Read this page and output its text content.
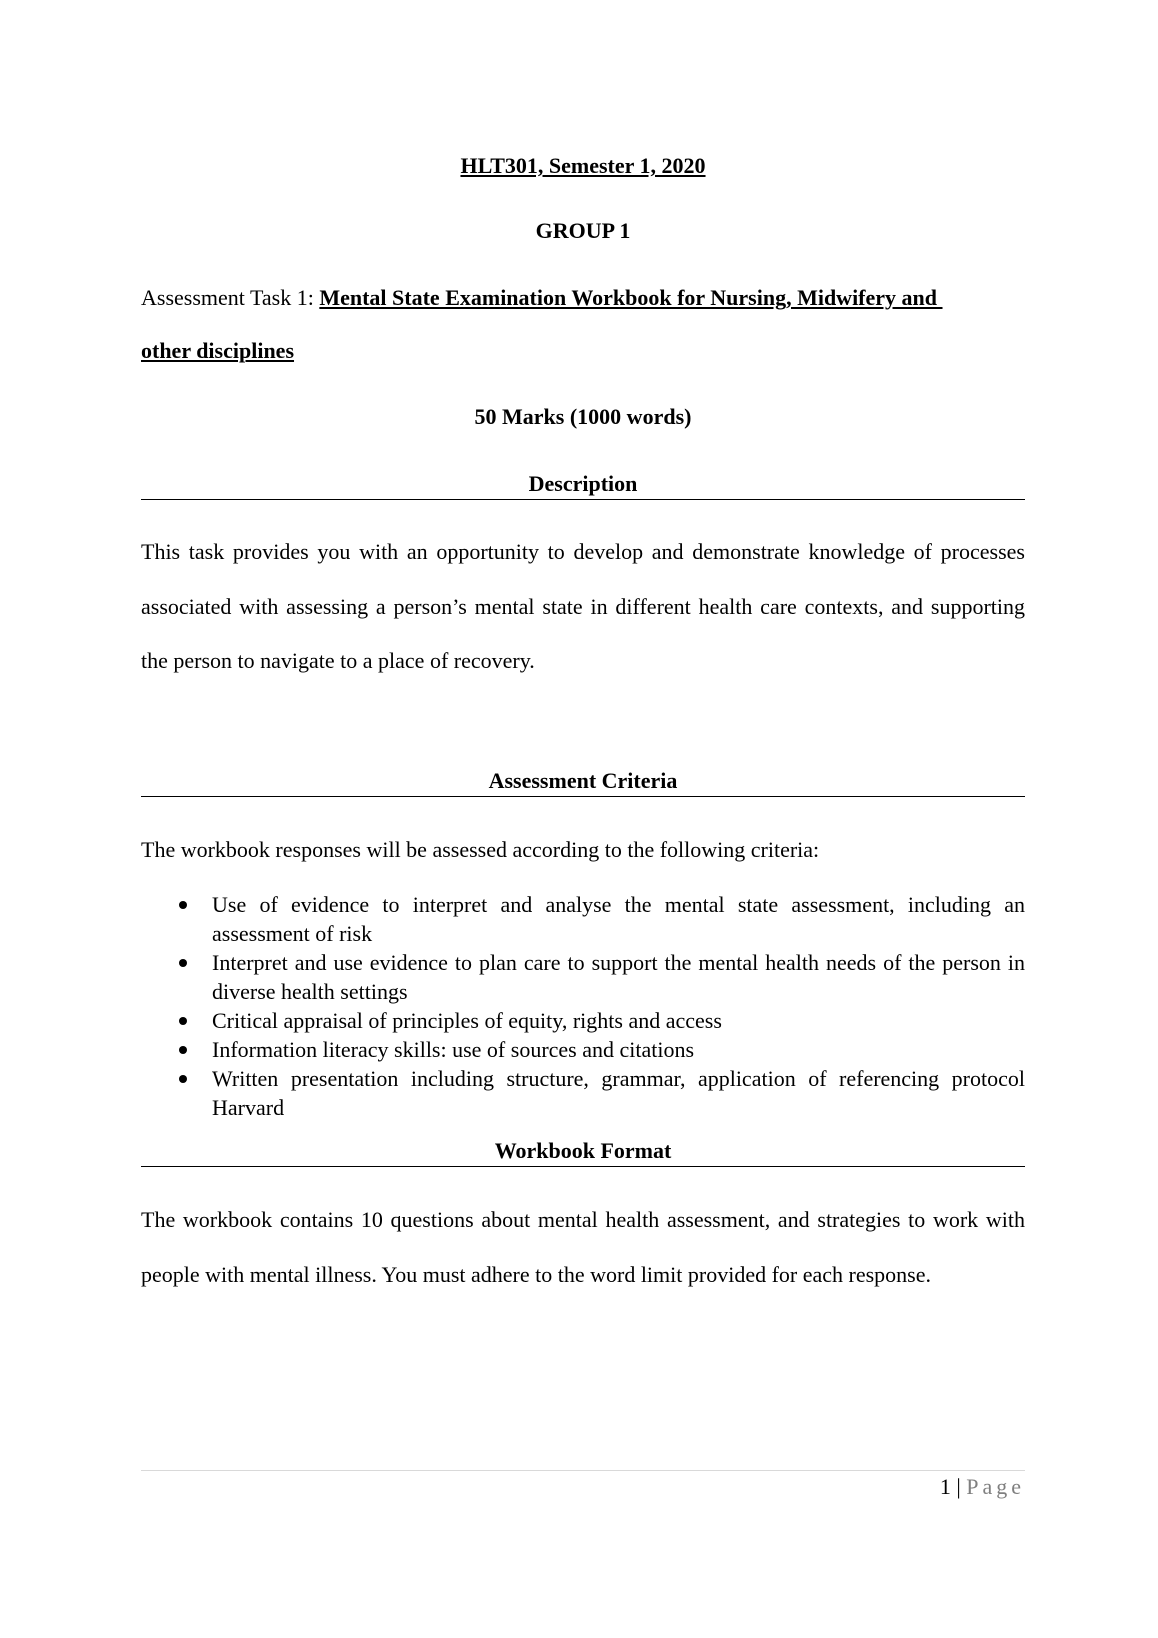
HLT301, Semester 1, 2020
GROUP 1
Assessment Task 1: Mental State Examination Workbook for Nursing, Midwifery and
other disciplines
50 Marks (1000 words)
Description
This task provides you with an opportunity to develop and demonstrate knowledge of processes associated with assessing a person’s mental state in different health care contexts, and supporting the person to navigate to a place of recovery.
Assessment Criteria
The workbook responses will be assessed according to the following criteria:
Use of evidence to interpret and analyse the mental state assessment, including an assessment of risk
Interpret and use evidence to plan care to support the mental health needs of the person in diverse health settings
Critical appraisal of principles of equity, rights and access
Information literacy skills: use of sources and citations
Written presentation including structure, grammar, application of referencing protocol Harvard
Workbook Format
The workbook contains 10 questions about mental health assessment, and strategies to work with people with mental illness. You must adhere to the word limit provided for each response.
1 | Page
